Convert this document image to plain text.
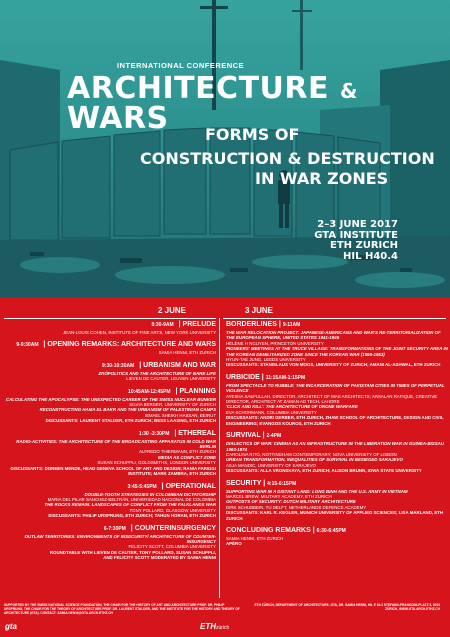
INTERNATIONAL CONFERENCE
ARCHITECTURE & WARS	FORMS OF
CONSTRUCTION & DESTRUCTION
IN WAR ZONES
2–3 JUNE 2017
GTA INSTITUTE
ETH ZURICH
HIL H40.4
2 JUNE	3 JUNE
8:30-9AM | PRELUDE
JEAN-LOUIS COHEN, INSTITUTE OF FINE ARTS, NEW YORK UNIVERSITY
9-9:30AM | OPENING REMARKS: ARCHITECTURE AND WARS
SAMIA HENNI, ETH ZURICH
9:30-10:30AM | URBANISM AND WAR
ZRÓPOLITICS AND THE ARCHITECTURE OF BARE LIFE
LIEVEN DE CAUTER, LEUVEN UNIVERSITY
10:45AM-12:45PM | PLANNING
CALCULATING THE APOCALYPSE: THE UNEXPECTED CAREER OF THE SWISS NUCLEAR BUNKER
SILVIA BERGER, UNIVERSITY OF ZURICH
RECONSTRUCTING HAMA EL BAKR AND THE URBANISM OF PALESTINIAN CAMPS
ISMAEL SHEIKH HASSAN, BEIRUT
DISCUSSANTS: LAURENT STALDER, ETH ZURICH; BESS LAASING, ETH ZURICH
1:30 -3:30PM | ETHEREAL
RADIO-ACTIVITIES: THE ARCHITECTURE OF THE BROADCASTING APPARATUS IN COLD WAR BERLIN
ALFREDO THIERMANN, ETH ZURICH
MEDIA AS CONFLICT ZONE
SUSAN SCHUPPLI, GOLDSMITHS, LONDON UNIVERSITY
DISCUSSANTS: DOREEN MENDE, HEAD GENEVA SCHOOL OF ART AND DESIGN; RANIA FARIDGI INSTITUTE; MARK ZAMBRA, ETH ZURICH
3:45-5:45PM | OPERATIONAL
DOUBLE-TOOTH STRATEGIES IN COLOMBIAN DICTATORSHIP
MARIA DEL PILAR SANCHEZ-BELTRÁN, UNIVERSIDAD NACIONAL DE COLOMBIA
THE ROCKS REMAIN: LANDSCAPES OF CONFLICT FROM THE FALKLANDS WAR
TONY POLLARD, GLASGOW UNIVERSITY
DISCUSSANTS: PHILIP URSPRUNG, ETH ZURICH; TAHUN HORAN, ETH ZURICH
6-7:30PM | COUNTERINSURGENCY
OUTLAW TERRITORIES: ENVIRONMENTS OF INSECURITY/ ARCHITECTURE OF COUNTER-INSURGENCY
FELICITY SCOTT, COLUMBIA UNIVERSITY
ROUNDTABLE WITH LIEVEN DE CAUTER, TONY POLLARD, SUSAN SCHUPPLI,
AND FELICITY SCOTT MODERATED BY SAMIA HENNI
BORDERLINES | 9-11AM
THE WAR RELOCATION PROJECT: JAPANESE-AMERICANS AND WAR'S RE-TERRITORIALIZATION OF THE EUROPEAN SPHERE, UNITED STATES 1941-1946
HÉLÈNE H NGUYEN, PRINCETON UNIVERSITY
PIONEERS' MEETINGS AT THE TRUCE VILLAGE: TRANSFORMATIONS OF THE JOINT SECURITY AREA IN THE KOREAN DEMILITARIZED ZONE SINCE THE KOREAN WAR (1950-1953)
HYUN-TAE JUNG, LEEDS UNIVERSITY
DISCUSSANTS: STANISLAUS VON MOOS, UNIVERSITY OF ZURICH; AMANI AL-ASHWAL, ETH ZURICH
URBICIDE | 11:15AM-1:15PM
FROM SPECTACLE TO RUBBLE: THE INCARCERATION OF PAKISTANI CITIES IN TIMES OF PERPETUAL VIOLENCE
AYESHA SAEFULLAH, DIRECTOR, ARCHITECT OF MAS ARCHITECTS; ARSALAN RAFIQUE, CREATIVE DIRECTOR, ARCHITECT AT ZAMAN AD TECH, LAHORE
'CLICK AND KILL': THE ARCHITECTURE OF DRONE WARFARE
EVA SCHORMANN, COLUMBIA UNIVERSITY
DISCUSSANTS: ANDRI GERBER, ETH ZURICH, ZHAW SCHOOL OF ARCHITECTURE, DESIGN AND CIVIL ENGINEERING; EVANGOS KOUROS, ETH ZURICH
SURVIVAL | 2-4PM
DIALECTICS OF WAR: CINEMA AS AN INFRASTRUCTURE IN THE LIBERATION WAR IN GUINEA-BISSAU 1963-1974
CAROLINA RITO, NOTTINGHAM CONTEMPORARY; NOVA UNIVERSITY OF LISBON
URBAN TRANSFORMATION, INEQUALITIES OF SURVIVAL IN BESIEGED SARAJEVO
ASJA MANDIC, UNIVERSITY OF SARAJEVO
DISCUSSANTS: ALLA VRONSKAYA, ETH ZURICH; ALISON BRUNN, IOWA STATE UNIVERSITY
SECURITY | 4:15-6:15PM
SUPPORTING WAR IN A DISTANT LAND: LONG BINH AND THE U.S. ARMY IN VIETNAM
MARCEL BREW, MILITARY ACADEMY, ETH ZURICH
OUTPOSTS OF SECURITY: DUTCH MILITARY ARCHITECTURE
DIRK SCHUBBEIN, TU DELFT, NETHERLANDS DEFENCE ACADEMY
DISCUSSANTS: KARL R. KEGLER, MUNICH UNIVERSITY OF APPLIED SCIENCES; LISA MARLAND, ETH ZURICH
CONCLUDING REMARKS | 6:30-6:45PM
SAMIA HENNI, ETH ZURICH
APÉRO
SUPPORTED BY THE SWISS NATIONAL SCIENCE FOUNDATION, THE CHAIR FOR THE HISTORY OF ART AND ARCHITECTURE PROF. DR. PHILIP URSPRUNG, THE CHAIR FOR THE THEORY OF ARCHITECTURE PROF. DR. LAURENT STALDER, AND THE INSTITUTE FOR THE HISTORY AND THEORY OF ARCHITECTURE (GTA). CONTACT: SAMIA.HENNI@GTA.ARCH.ETHZ.CH
ETH ZÜRICH, DEPARTMENT OF ARCHITECTURE, GTA, DR. SAMIA HENNI, HIL E 64.2 STEFANO-FRANSCINI-PLATZ 5, 8093 ZÜRICH, WWW.GTA.ARCH.ETHZ.CH
gta	ETHzürich
